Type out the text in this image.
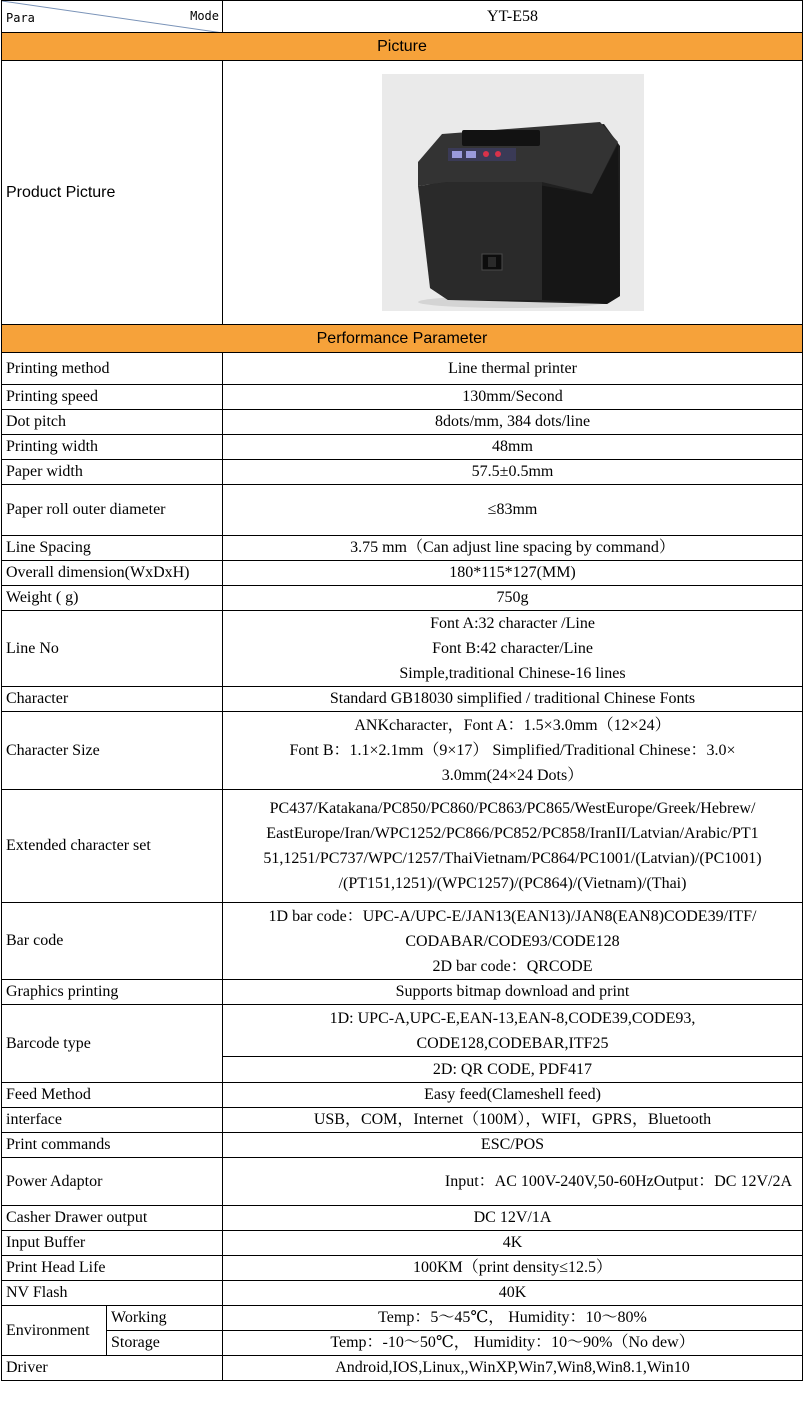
Para Mode		YT-E58
Picture		
Product Picture	

Performance Parameter		
Printing method		Line thermal printer
Printing speed		130mm/Second
Dot pitch		8dots/mm, 384 dots/line
Printing width		48mm
Paper width		57.5±0.5mm
Paper roll outer diameter		≤83mm
Line Spacing		3.75 mm（Can adjust line spacing by command）
Overall dimension(WxDxH)		180*115*127(MM)
Weight ( g)		750g
Line No		Font A:32 character /Line
Font B:42 character/Line
Simple,traditional Chinese-16 lines

Character		Standard GB18030 simplified / traditional Chinese Fonts
Character Size		ANKcharacter，Font A：1.5×3.0mm（12×24）
Font B：1.1×2.1mm（9×17） Simplified/Traditional Chinese：3.0×
3.0mm(24×24 Dots）

Extended character set		PC437/Katakana/PC850/PC860/PC863/PC865/WestEurope/Greek/Hebrew/
EastEurope/Iran/WPC1252/PC866/PC852/PC858/IranII/Latvian/Arabic/PT1
51,1251/PC737/WPC/1257/ThaiVietnam/PC864/PC1001/(Latvian)/(PC1001)
/(PT151,1251)/(WPC1257)/(PC864)/(Vietnam)/(Thai)

Bar code		1D bar code：UPC-A/UPC-E/JAN13(EAN13)/JAN8(EAN8)CODE39/ITF/
CODABAR/CODE93/CODE128
2D bar code：QRCODE

Graphics printing		Supports bitmap download and print
Barcode type		1D: UPC-A,UPC-E,EAN-13,EAN-8,CODE39,CODE93,
CODE128,CODEBAR,ITF25

		2D: QR CODE, PDF417
Feed Method		Easy feed(Clameshell feed)
interface		USB，COM，Internet（100M），WIFI，GPRS，Bluetooth
Print commands		ESC/POS
Power Adaptor		Input：AC 100V-240V,50-60HzOutput：DC 12V/2A
Casher Drawer output		DC 12V/1A
Input Buffer		4K
Print Head Life		100KM（print density≤12.5）
NV Flash		40K
Environment	Working	Temp：5～45℃， Humidity：10～80%
	Storage	Temp：-10～50℃， Humidity：10～90%（No dew）
Driver		Android,IOS,Linux,,WinXP,Win7,Win8,Win8.1,Win10
